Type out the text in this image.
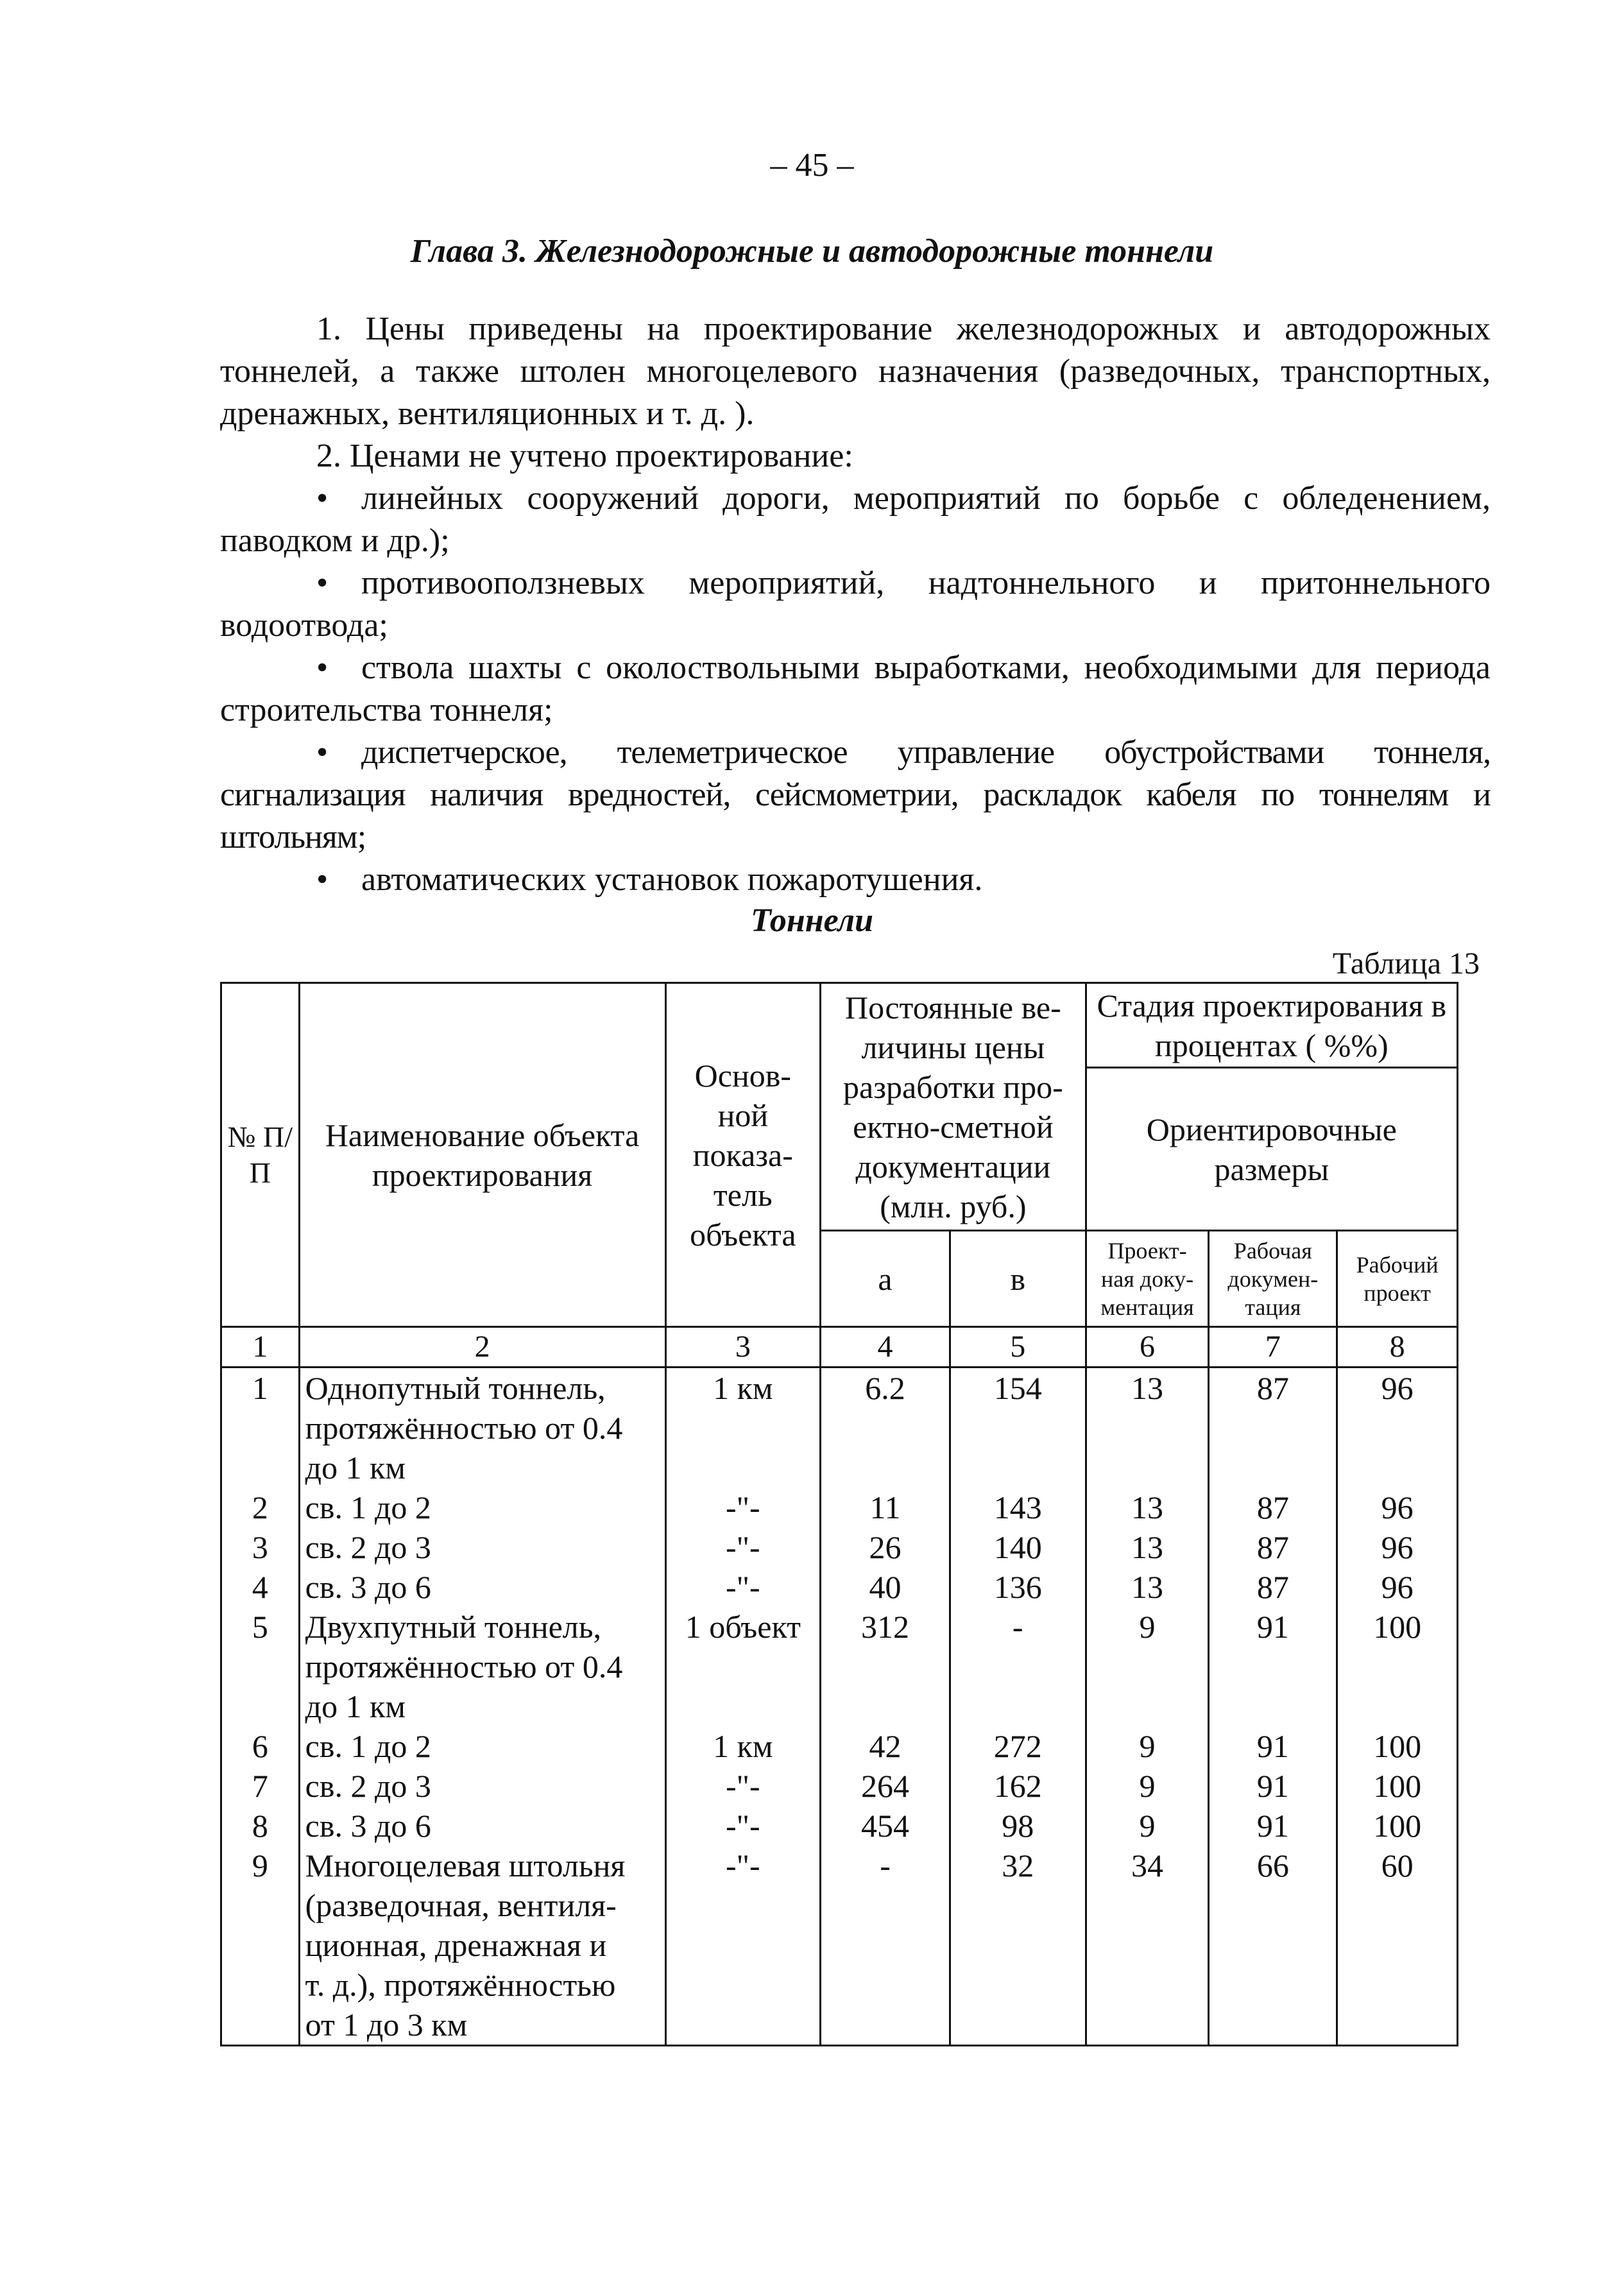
– 45 –
Глава 3. Железнодорожные и автодорожные тоннели

1. Цены приведены на проектирование железнодорожных и автодорожных тоннелей, а также штолен многоцелевого назначения (разведочных, транспортных, дренажных, вентиляционных и т. д. ).

2. Ценами не учтено проектирование:

• линейных сооружений дороги, мероприятий по борьбе с обледенением, паводком и др.);

• противооползневых мероприятий, надтоннельного и притоннельного водоотвода;

• ствола шахты с околоствольными выработками, необходимыми для периода строительства тоннеля;

• диспетчерское, телеметрическое управление обустройствами тоннеля, сигнализация наличия вредностей, сейсмометрии, раскладок кабеля по тоннелям и штольням;

• автоматических установок пожаротушения.

Тоннели
Таблица 13
№ П/П	Наименование объекта проектирования	Основ-ной показа-тель объекта	Постоянные ве-личины цены разработки про-ектно-сметной документации (млн. руб.)		Стадия проектирования в процентах ( %%)		
					Ориентировочные размеры		
			а	в	Проект-ная доку-ментация	Рабочая докумен-тация	Рабочий проект
1	2	3	4	5	6	7	8
1	Однопутный тоннель,
протяжённостью от 0.4
до 1 км	1 км	6.2	154	13	87	96
2	св. 1 до 2	-"-	11	143	13	87	96
3	св. 2 до 3	-"-	26	140	13	87	96
4	св. 3 до 6	-"-	40	136	13	87	96
5	Двухпутный тоннель,
протяжённостью от 0.4
до 1 км	1 объект	312	-	9	91	100
6	св. 1 до 2	1 км	42	272	9	91	100
7	св. 2 до 3	-"-	264	162	9	91	100
8	св. 3 до 6	-"-	454	98	9	91	100
9	Многоцелевая штольня
(разведочная, вентиля-
ционная, дренажная и
т. д.), протяжённостью
от 1 до 3 км	-"-	-	32	34	66	60
